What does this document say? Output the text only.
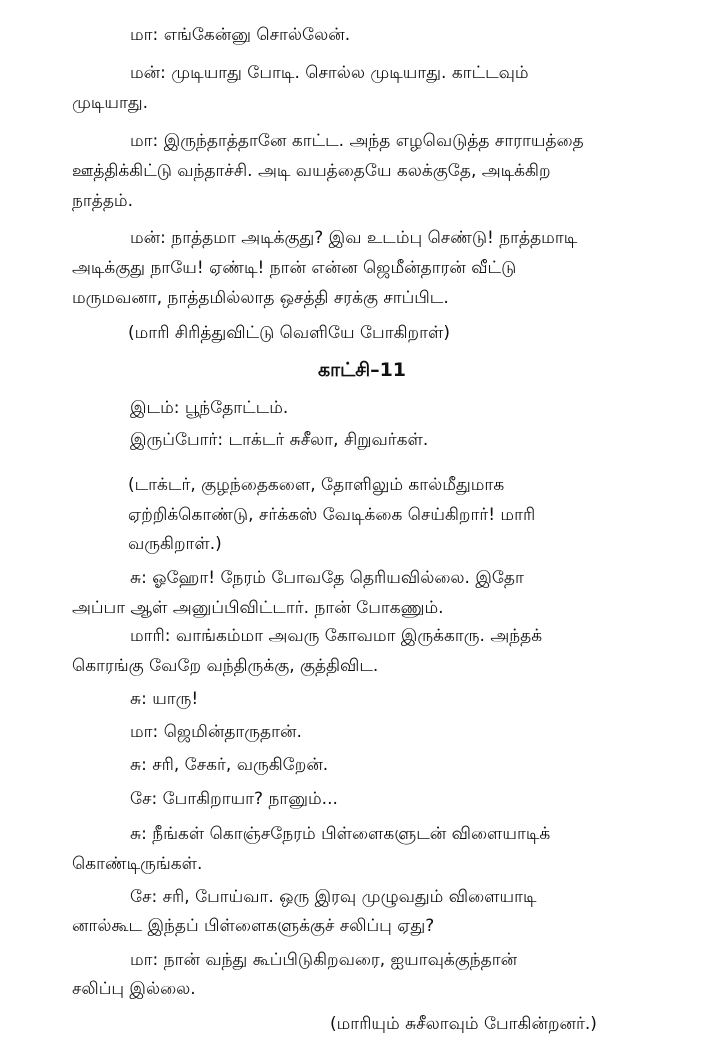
மா: எங்கேன்னு சொல்லேன்.
மன்: முடியாது போடி. சொல்ல முடியாது. காட்டவும்
முடியாது.
மா: இருந்தாத்தானே காட்ட. அந்த எழவெடுத்த சாராயத்தை
ஊத்திக்கிட்டு வந்தாச்சி. அடி வயத்தையே கலக்குதே, அடிக்கிற
நாத்தம்.
மன்: நாத்தமா அடிக்குது? இவ உடம்பு செண்டு! நாத்தமாடி
அடிக்குது நாயே! ஏண்டி! நான் என்ன ஜெமீன்தாரன் வீட்டு
மருமவனா, நாத்தமில்லாத ஒசத்தி சரக்கு சாப்பிட.
(மாரி சிரித்துவிட்டு வெளியே போகிறாள்)
காட்சி–11
இடம்: பூந்தோட்டம்.
இருப்போர்: டாக்டர் சுசீலா, சிறுவர்கள்.
(டாக்டர், குழந்தைகளை, தோளிலும் கால்மீதுமாக
ஏற்றிக்கொண்டு, சர்க்கஸ் வேடிக்கை செய்கிறார்! மாரி
வருகிறாள்.)
சு: ஓஹோ! நேரம் போவதே தெரியவில்லை. இதோ
அப்பா ஆள் அனுப்பிவிட்டார். நான் போகணும்.
மாரி: வாங்கம்மா அவரு கோவமா இருக்காரு. அந்தக்
கொரங்கு வேறே வந்திருக்கு, குத்திவிட.
சு: யாரு!
மா: ஜெமின்தாருதான்.
சு: சரி, சேகர், வருகிறேன்.
சே: போகிறாயா? நானும்...
சு: நீங்கள் கொஞ்சநேரம் பிள்ளைகளுடன் விளையாடிக்
கொண்டிருங்கள்.
சே: சரி, போய்வா. ஒரு இரவு முழுவதும் விளையாடி
னால்கூட இந்தப் பிள்ளைகளுக்குச் சலிப்பு ஏது?
மா: நான் வந்து கூப்பிடுகிறவரை, ஐயாவுக்குந்தான்
சலிப்பு இல்லை.
(மாரியும் சுசீலாவும் போகின்றனர்.)
